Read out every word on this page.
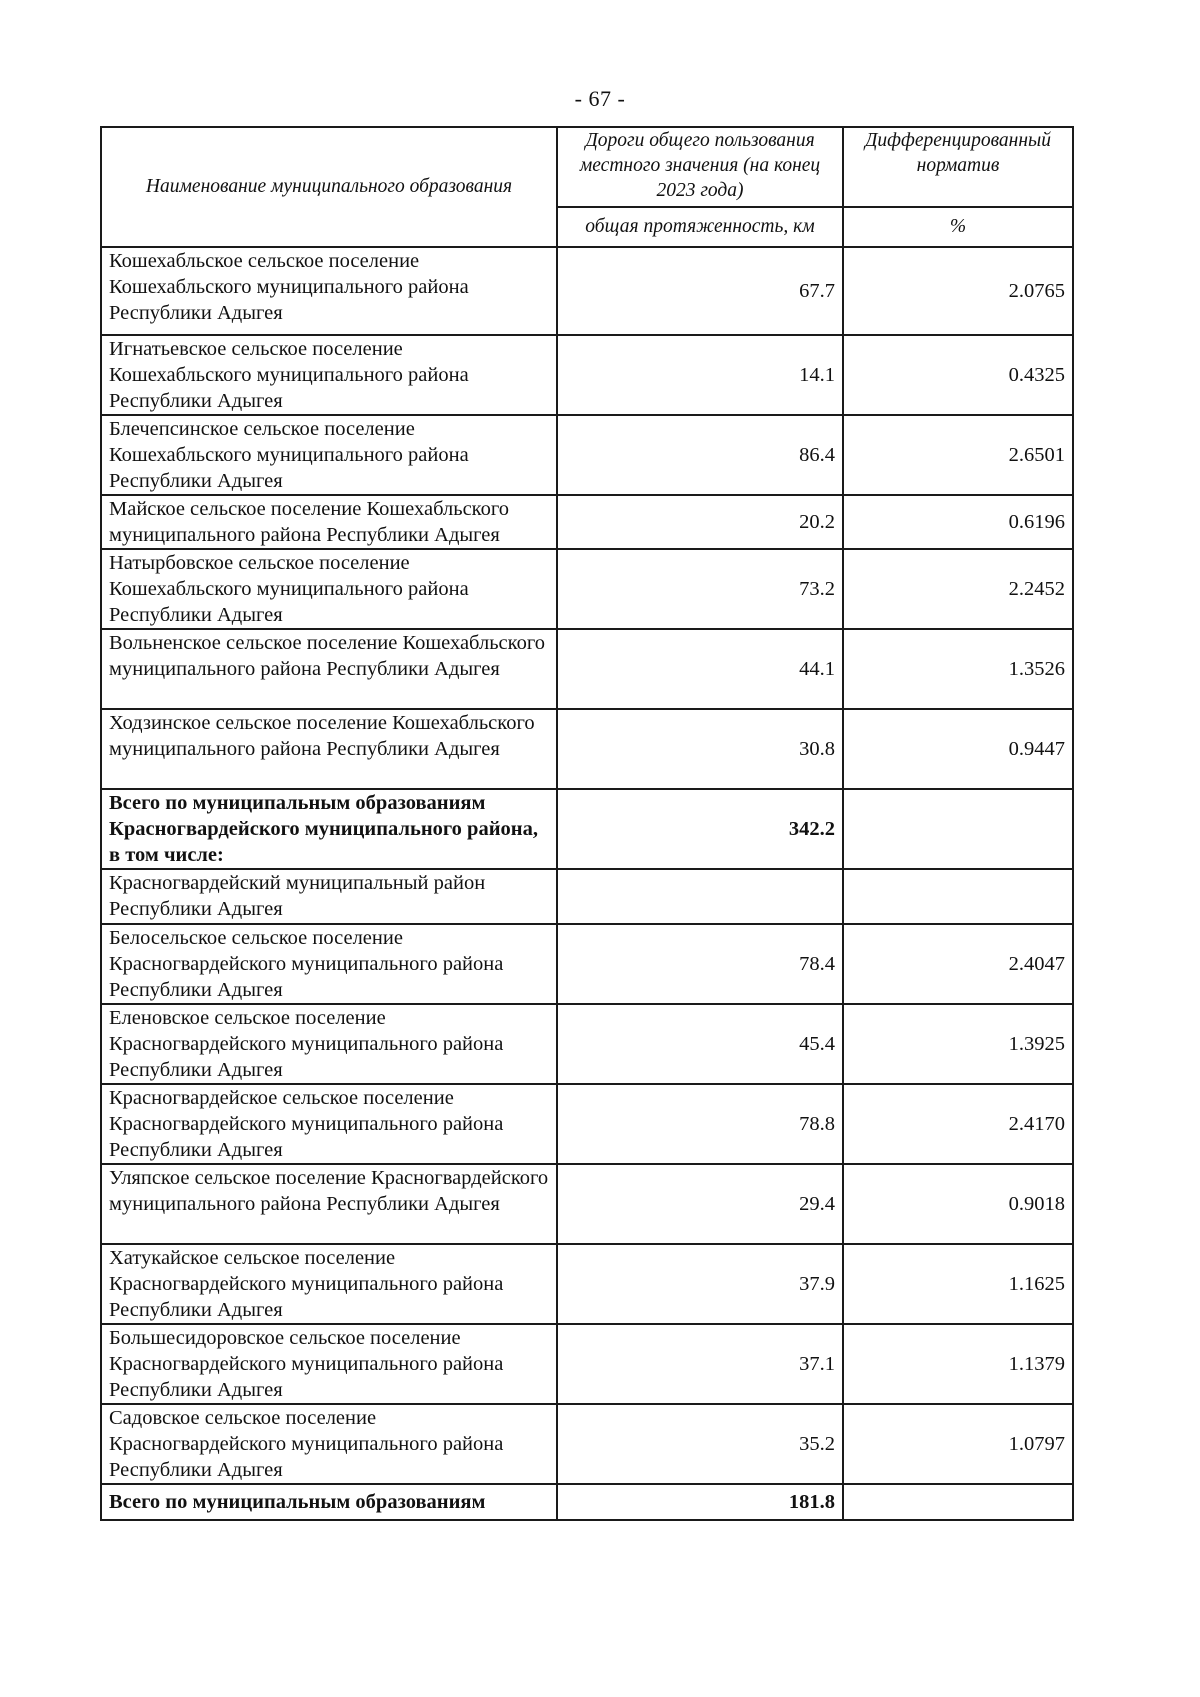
- 67 -
Наименование муниципального образования	Дороги общего пользования местного значения (на конец 2023 года)	Дифференцированный норматив
	общая протяженность, км	%
Кошехабльское сельское поселение Кошехабльского муниципального района Республики Адыгея	67.7	2.0765
Игнатьевское сельское поселение Кошехабльского муниципального района Республики Адыгея	14.1	0.4325
Блечепсинское сельское поселение Кошехабльского муниципального района Республики Адыгея	86.4	2.6501
Майское сельское поселение Кошехабльского муниципального района Республики Адыгея	20.2	0.6196
Натырбовское сельское поселение Кошехабльского муниципального района Республики Адыгея	73.2	2.2452
Вольненское сельское поселение Кошехабльского муниципального района Республики Адыгея	44.1	1.3526
Ходзинское сельское поселение Кошехабльского муниципального района Республики Адыгея	30.8	0.9447
Всего по муниципальным образованиям Красногвардейского муниципального района, в том числе:	342.2	
Красногвардейский муниципальный район Республики Адыгея		
Белосельское сельское поселение Красногвардейского муниципального района Республики Адыгея	78.4	2.4047
Еленовское сельское поселение Красногвардейского муниципального района Республики Адыгея	45.4	1.3925
Красногвардейское сельское поселение Красногвардейского муниципального района Республики Адыгея	78.8	2.4170
Уляпское сельское поселение Красногвардейского муниципального района Республики Адыгея	29.4	0.9018
Хатукайское сельское поселение Красногвардейского муниципального района Республики Адыгея	37.9	1.1625
Большесидоровское сельское поселение Красногвардейского муниципального района Республики Адыгея	37.1	1.1379
Садовское сельское поселение Красногвардейского муниципального района Республики Адыгея	35.2	1.0797
Всего по муниципальным образованиям	181.8	
